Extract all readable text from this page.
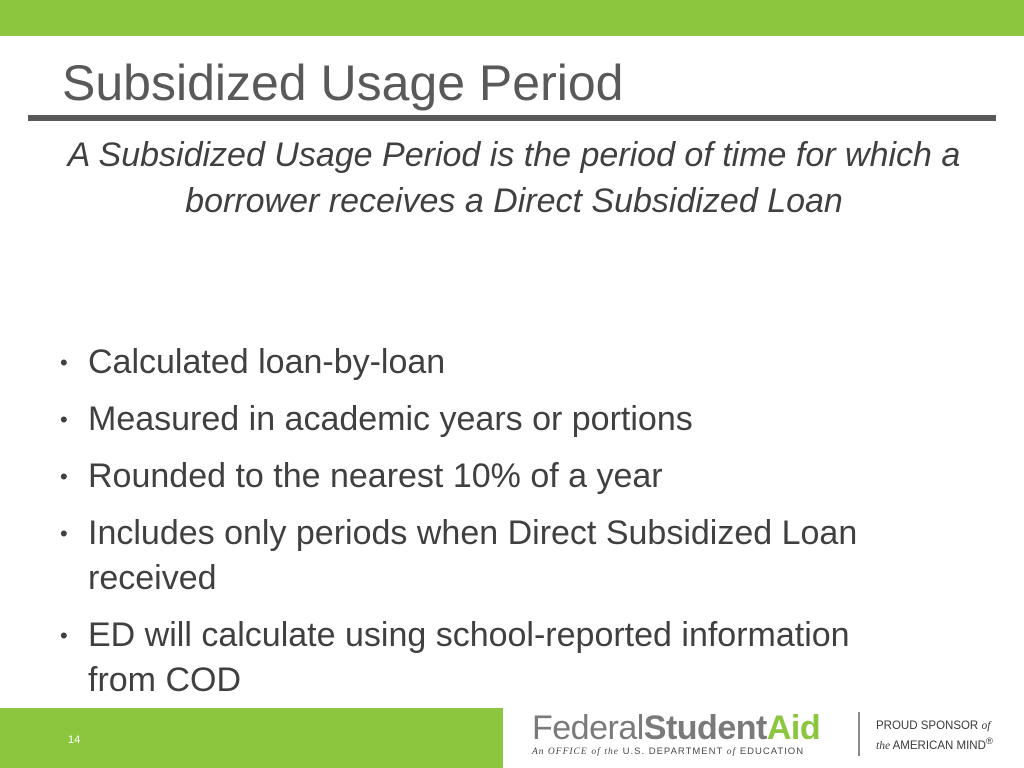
Subsidized Usage Period

A Subsidized Usage Period is the period of time for which a borrower receives a Direct Subsidized Loan

• Calculated loan-by-loan
• Measured in academic years or portions
• Rounded to the nearest 10% of a year
• Includes only periods when Direct Subsidized Loan received
• ED will calculate using school-reported information from COD
14	FederalStudentAid
An OFFICE of the U.S. DEPARTMENT of EDUCATION
PROUD SPONSOR of
the AMERICAN MIND®
